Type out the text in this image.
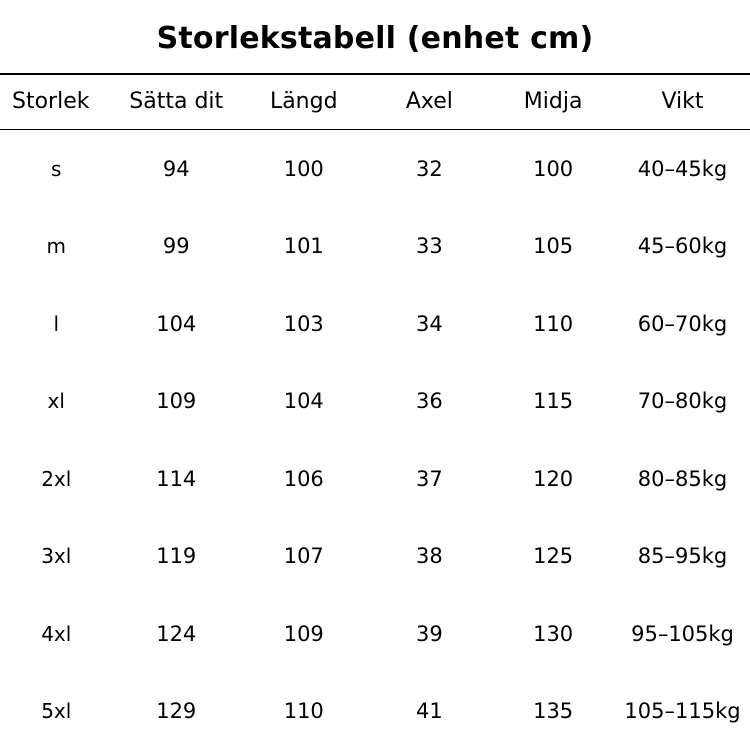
Storlekstabell (enhet cm)
Storlek	Sätta dit	Längd	Axel	Midja	Vikt
s	94	100	32	100	40–45kg
m	99	101	33	105	45–60kg
l	104	103	34	110	60–70kg
xl	109	104	36	115	70–80kg
2xl	114	106	37	120	80–85kg
3xl	119	107	38	125	85–95kg
4xl	124	109	39	130	95–105kg
5xl	129	110	41	135	105–115kg
